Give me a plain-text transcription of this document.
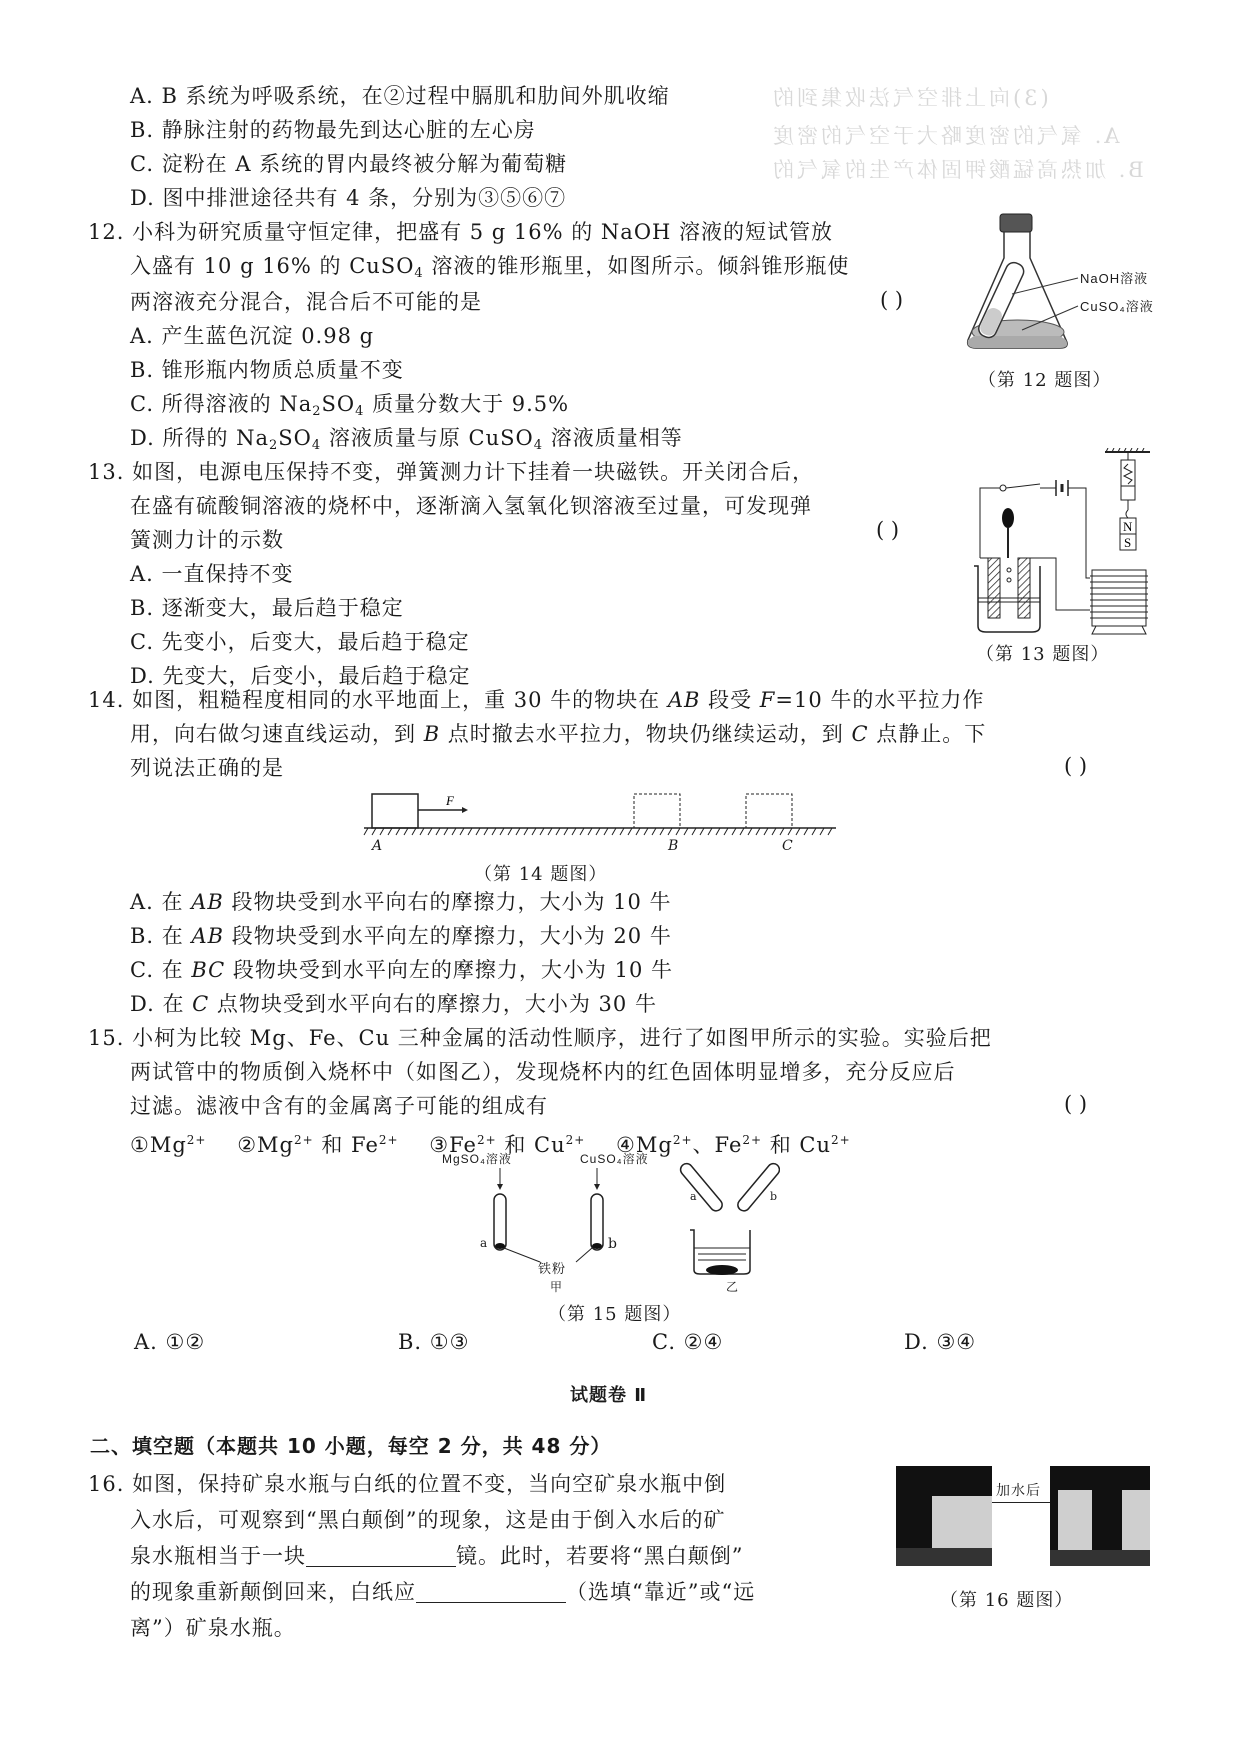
(3)向上排空气法收集到的
A. 氧气的密度略大于空气的密度
B. 加热高锰酸钾固体产生的氧气的
A. B 系统为呼吸系统，在②过程中膈肌和肋间外肌收缩
B. 静脉注射的药物最先到达心脏的左心房
C. 淀粉在 A 系统的胃内最终被分解为葡萄糖
D. 图中排泄途径共有 4 条，分别为③⑤⑥⑦
12. 小科为研究质量守恒定律，把盛有 5 g 16% 的 NaOH 溶液的短试管放
入盛有 10 g 16% 的 CuSO$_4$ 溶液的锥形瓶里，如图所示。倾斜锥形瓶使
两溶液充分混合，混合后不可能的是	( )
A. 产生蓝色沉淀 0.98 g
B. 锥形瓶内物质总质量不变
C. 所得溶液的 $Na_2SO_4$ 质量分数大于 9.5%
D. 所得的 $Na_2SO_4$ 溶液质量与原 CuSO$_4$ 溶液质量相等
NaOH溶液
CuSO₄溶液
（第 12 题图）
13. 如图，电源电压保持不变，弹簧测力计下挂着一块磁铁。开关闭合后，
在盛有硫酸铜溶液的烧杯中，逐渐滴入氢氧化钡溶液至过量，可发现弹
簧测力计的示数	( )
A. 一直保持不变
B. 逐渐变大，最后趋于稳定
C. 先变小，后变大，最后趋于稳定
D. 先变大，后变小，最后趋于稳定
N
S
（第 13 题图）
14. 如图，粗糙程度相同的水平地面上，重 30 牛的物块在 AB 段受 F=10 牛的水平拉力作
用，向右做匀速直线运动，到 B 点时撤去水平拉力，物块仍继续运动，到 C 点静止。下
列说法正确的是	( )
F
A	B	C
（第 14 题图）
A. 在 AB 段物块受到水平向右的摩擦力，大小为 10 牛
B. 在 AB 段物块受到水平向左的摩擦力，大小为 20 牛
C. 在 BC 段物块受到水平向左的摩擦力，大小为 10 牛
D. 在 C 点物块受到水平向右的摩擦力，大小为 30 牛
15. 小柯为比较 Mg、Fe、Cu 三种金属的活动性顺序，进行了如图甲所示的实验。实验后把
两试管中的物质倒入烧杯中（如图乙），发现烧杯内的红色固体明显增多，充分反应后
过滤。滤液中含有的金属离子可能的组成有	( )
$①Mg^{2+}$ $②Mg^{2+}$ 和 $Fe^{2+}$ $③Fe^{2+}$ 和 $Cu^{2+}$ $④Mg^{2+}$、$Fe^{2+}$ 和 $Cu^{2+}$
MgSO₄溶液	CuSO₄溶液
a	b
铁粉
甲
a	b
乙
（第 15 题图）
A. ①②	B. ①③	C. ②④	D. ③④
试题卷 Ⅱ
二、填空题（本题共 10 小题，每空 2 分，共 48 分）
16. 如图，保持矿泉水瓶与白纸的位置不变，当向空矿泉水瓶中倒
入水后，可观察到“黑白颠倒”的现象，这是由于倒入水后的矿
泉水瓶相当于一块	镜。此时，若要将“黑白颠倒”
的现象重新颠倒回来，白纸应	（选填“靠近”或“远
离”）矿泉水瓶。
加水后
（第 16 题图）
